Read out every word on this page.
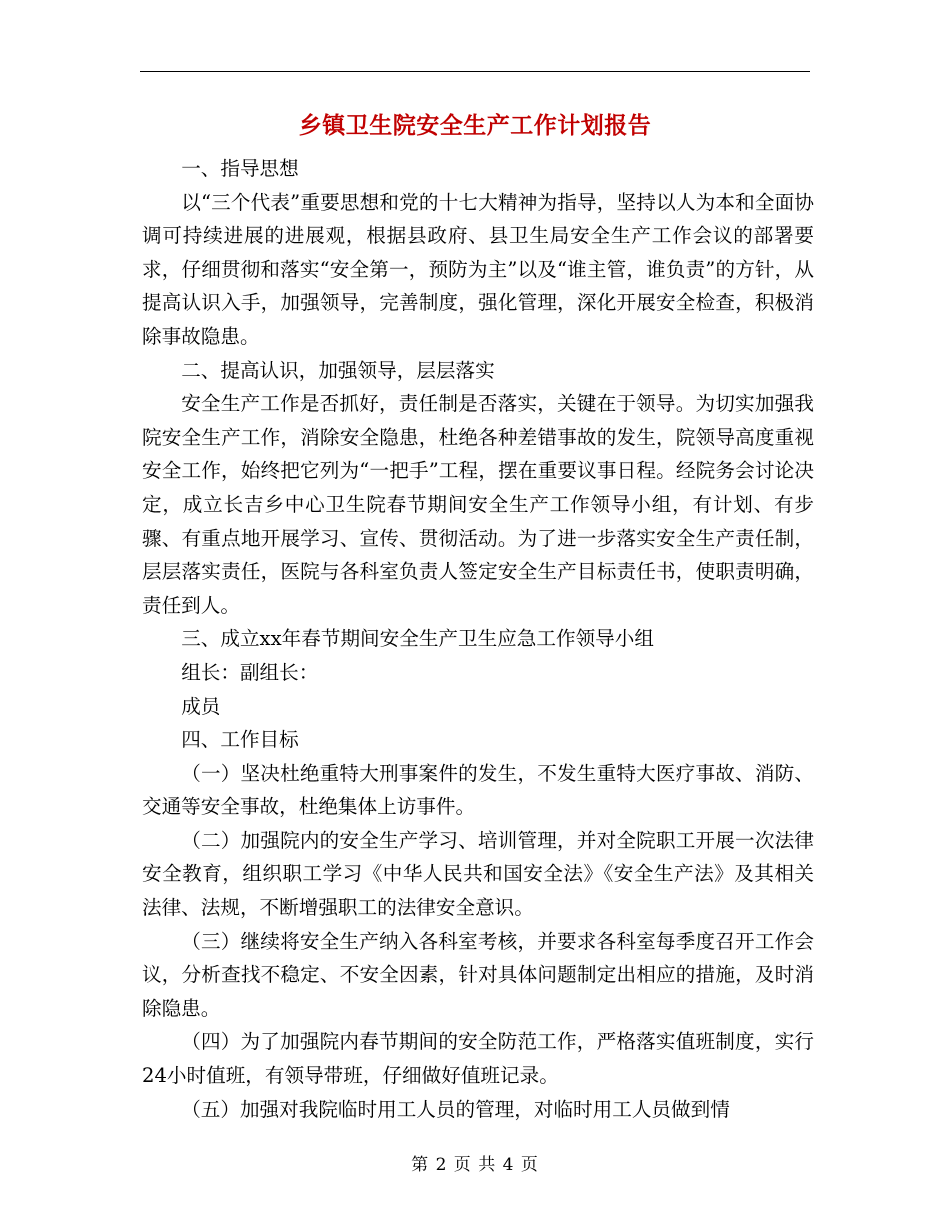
乡镇卫生院安全生产工作计划报告

一、指导思想

以“三个代表”重要思想和党的十七大精神为指导，坚持以人为本和全面协调可持续进展的进展观，根据县政府、县卫生局安全生产工作会议的部署要求，仔细贯彻和落实“安全第一，预防为主”以及“谁主管，谁负责”的方针，从提高认识入手，加强领导，完善制度，强化管理，深化开展安全检查，积极消除事故隐患。

二、提高认识，加强领导，层层落实

安全生产工作是否抓好，责任制是否落实，关键在于领导。为切实加强我院安全生产工作，消除安全隐患，杜绝各种差错事故的发生，院领导高度重视安全工作，始终把它列为“一把手”工程，摆在重要议事日程。经院务会讨论决定，成立长吉乡中心卫生院春节期间安全生产工作领导小组，有计划、有步骤、有重点地开展学习、宣传、贯彻活动。为了进一步落实安全生产责任制，层层落实责任，医院与各科室负责人签定安全生产目标责任书，使职责明确，责任到人。

三、成立xx年春节期间安全生产卫生应急工作领导小组

组长：副组长：

成员

四、工作目标

（一）坚决杜绝重特大刑事案件的发生，不发生重特大医疗事故、消防、交通等安全事故，杜绝集体上访事件。

（二）加强院内的安全生产学习、培训管理，并对全院职工开展一次法律安全教育，组织职工学习《中华人民共和国安全法》《安全生产法》及其相关法律、法规，不断增强职工的法律安全意识。

（三）继续将安全生产纳入各科室考核，并要求各科室每季度召开工作会议，分析查找不稳定、不安全因素，针对具体问题制定出相应的措施，及时消除隐患。

（四）为了加强院内春节期间的安全防范工作，严格落实值班制度，实行24小时值班，有领导带班，仔细做好值班记录。

（五）加强对我院临时用工人员的管理，对临时用工人员做到情

第 2 页 共 4 页
